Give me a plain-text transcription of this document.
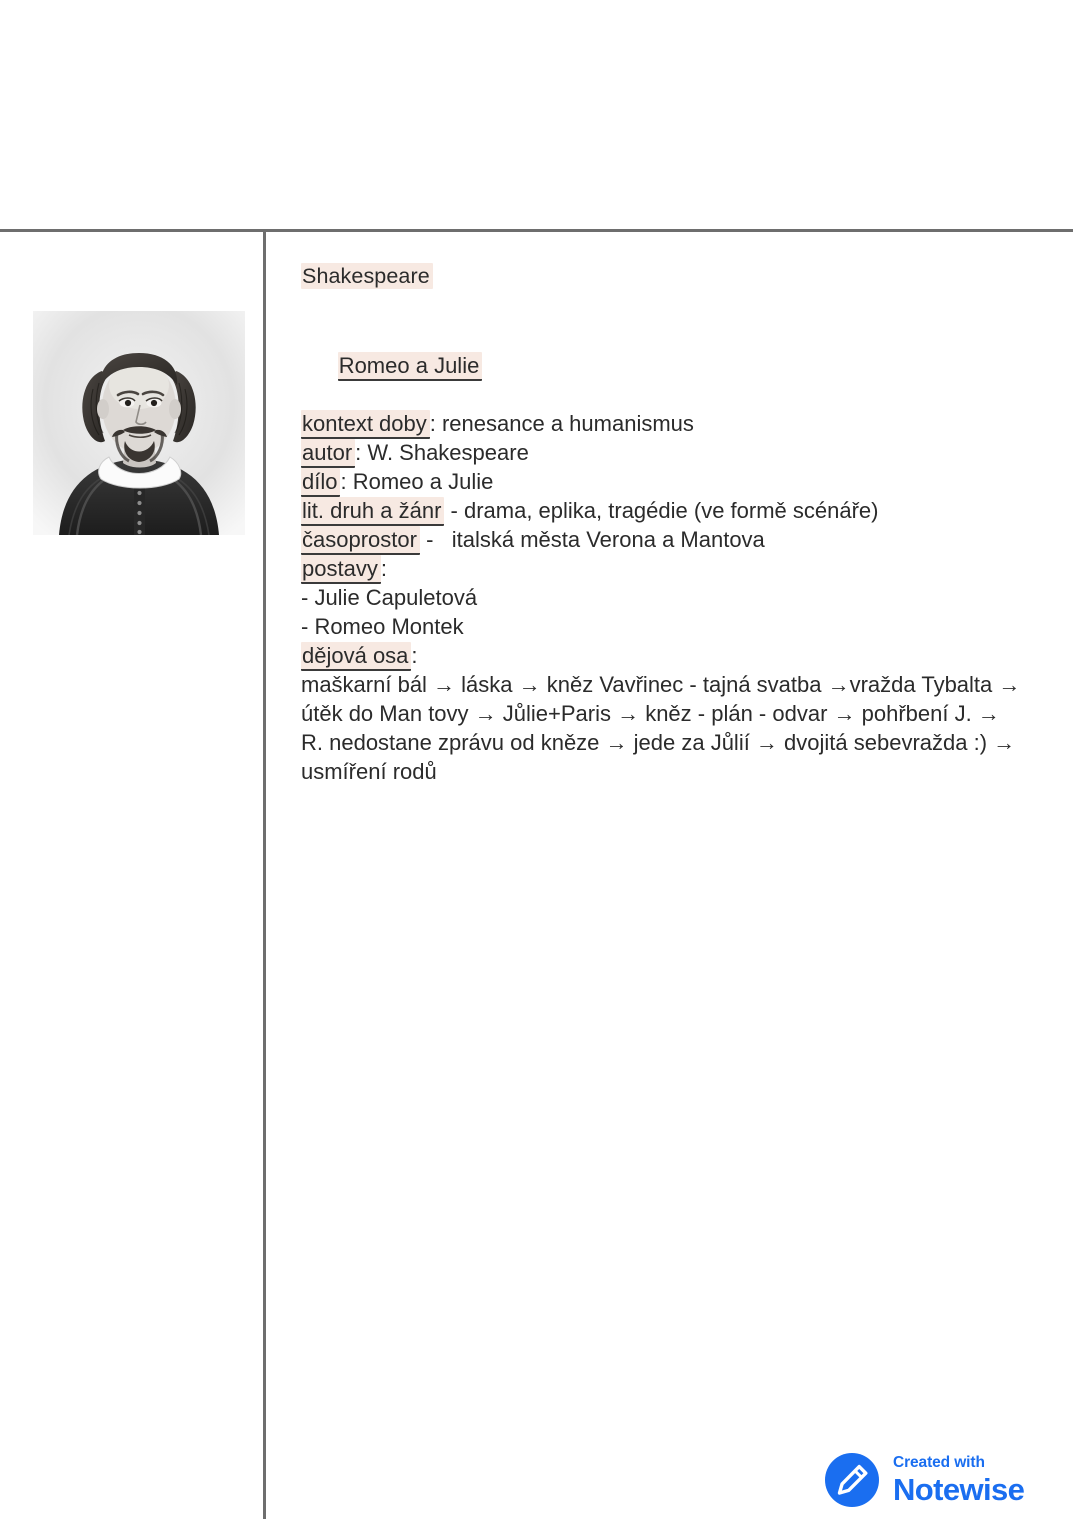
Shakespeare

Romeo a Julie

kontext doby : renesance a humanismus

autor : W. Shakespeare

dílo : Romeo a Julie

lit. druh a žánr - drama, eplika, tragédie (ve formě scénáře)

časoprostor -   italská města Verona a Mantova

postavy :

- Julie Capuletová

- Romeo Montek

dějová osa :

maškarní bál → láska → kněz Vavřinec - tajná svatba →vražda Tybalta → útěk do Man tovy → Jůlie+Paris → kněz - plán - odvar → pohřbení J. → R. nedostane zprávu od kněze → jede za Jůlií → dvojitá sebevražda :) → usmíření rodů

Created with
Notewise
